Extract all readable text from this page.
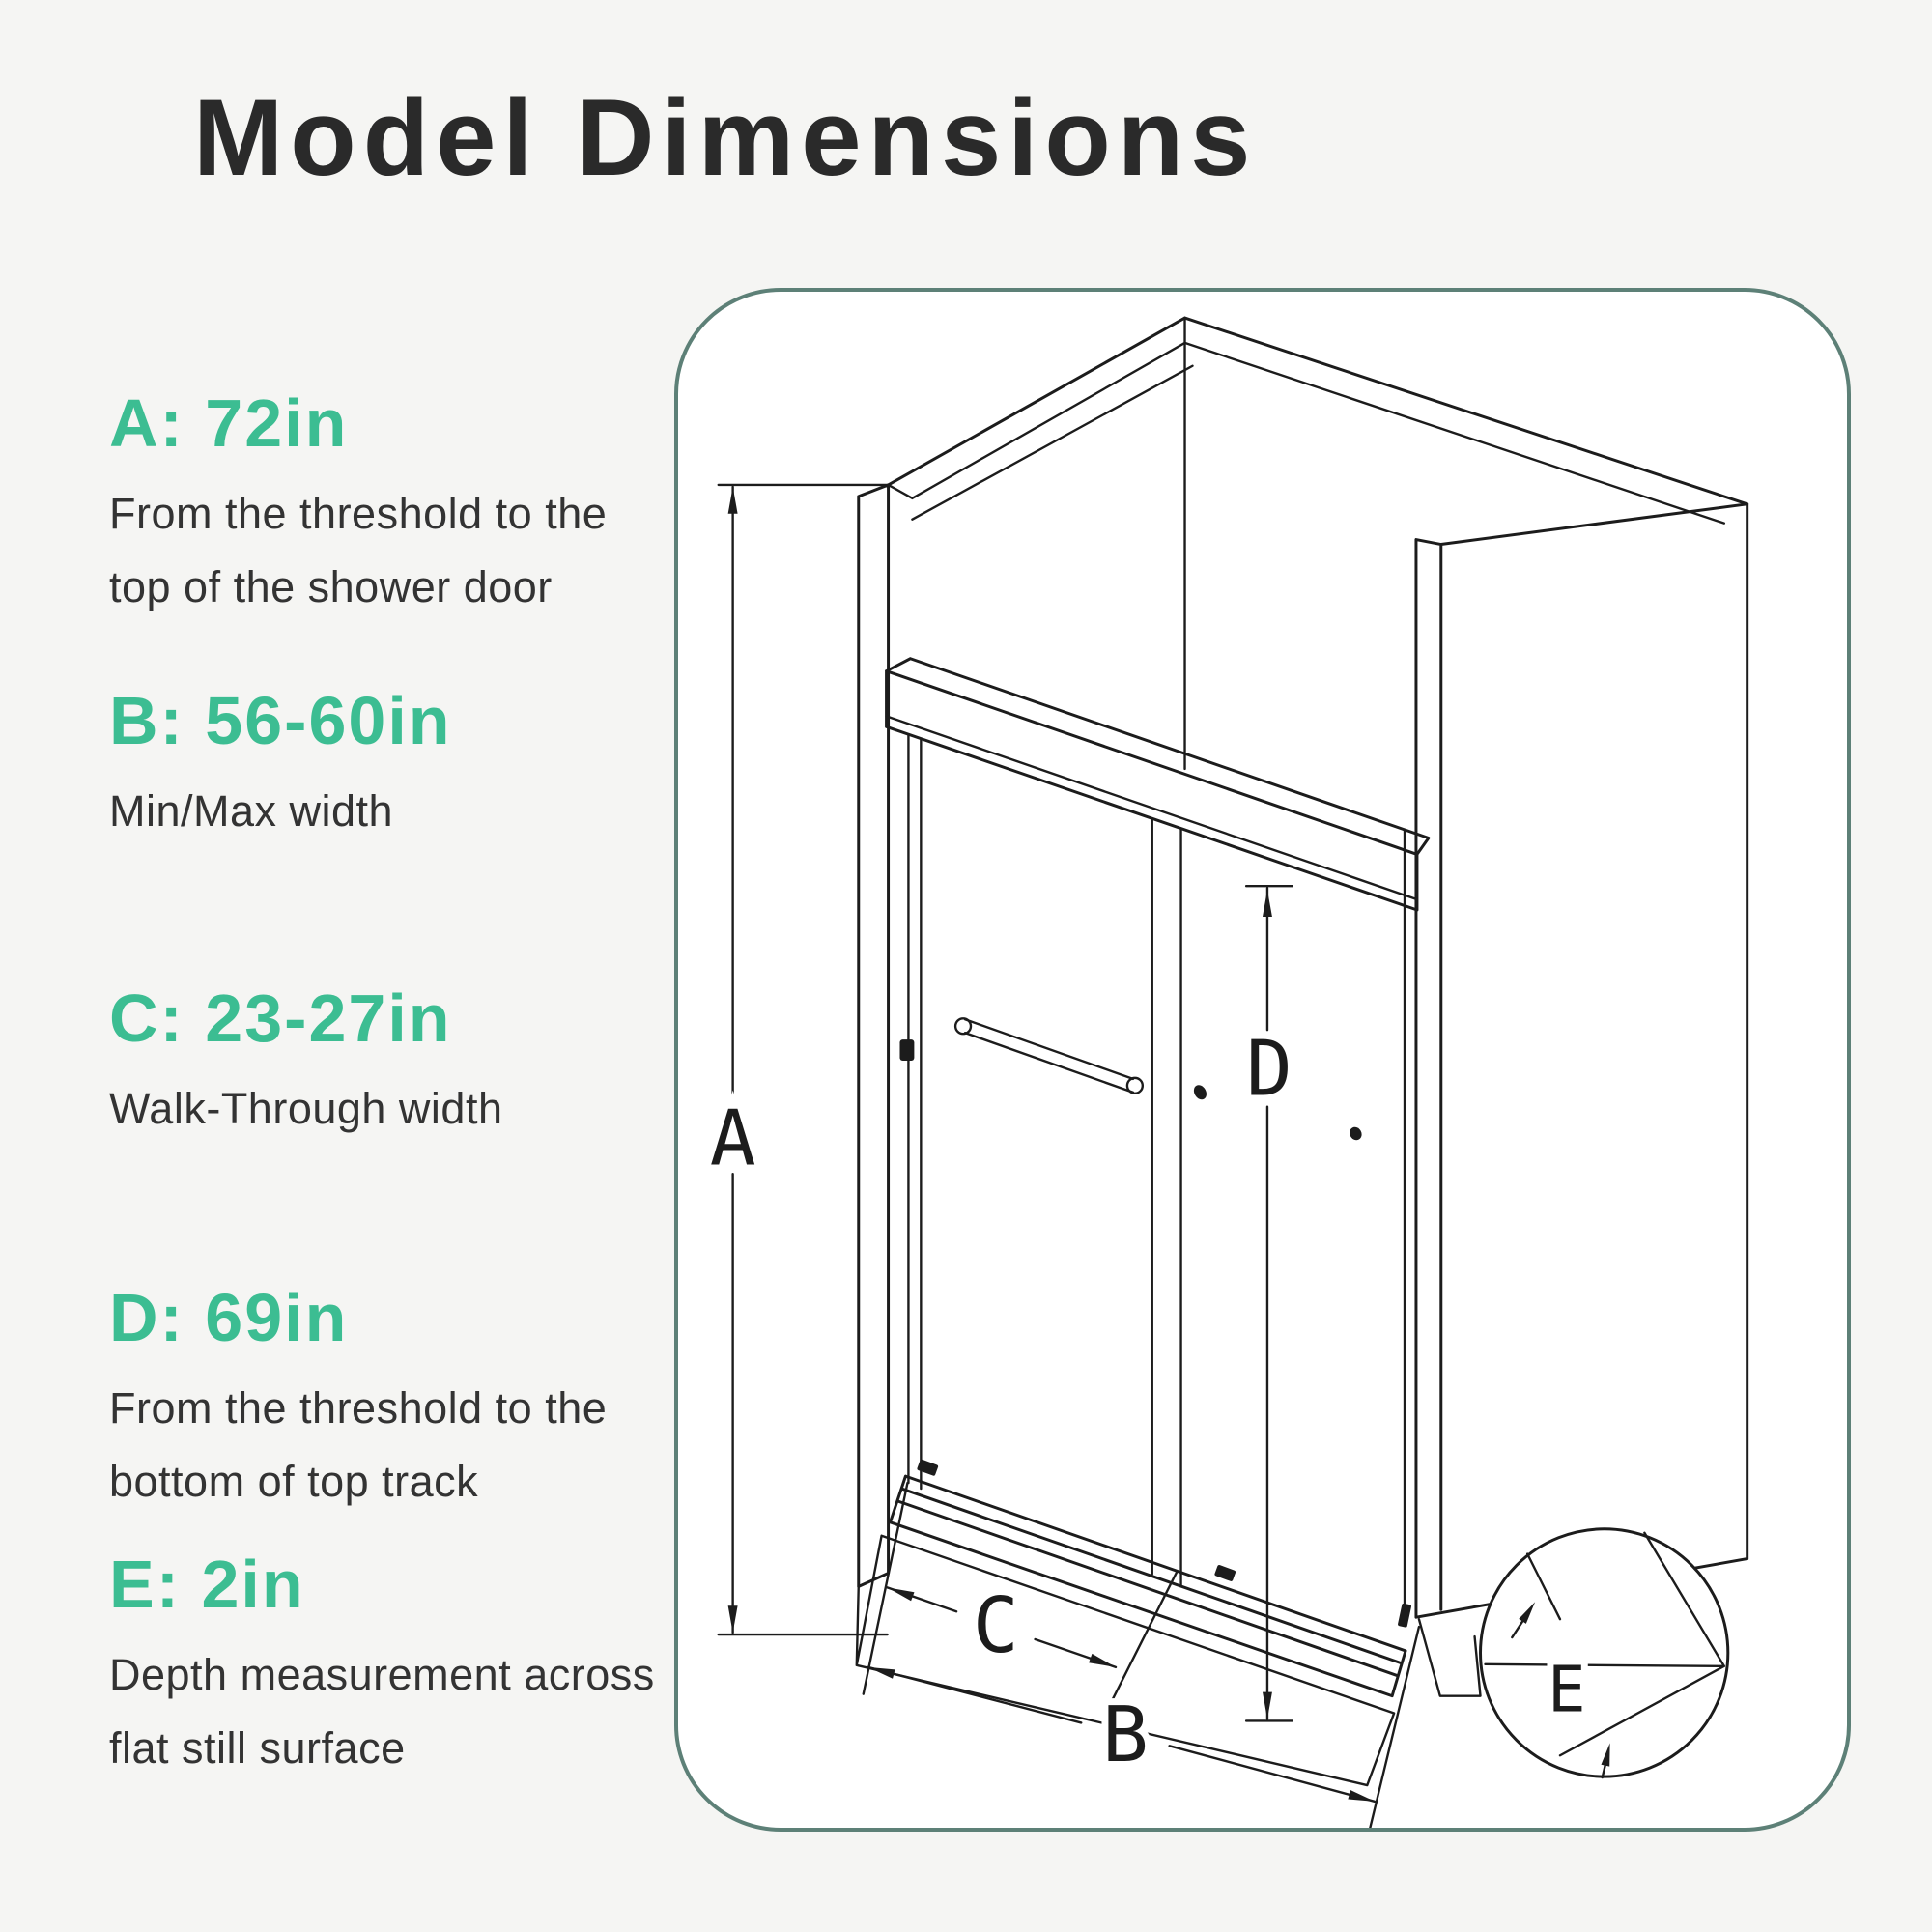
Model Dimensions

A: 72in

From the threshold to the top of the shower door

B: 56-60in

Min/Max width

C: 23-27in

Walk-Through width

D: 69in

From the threshold to the bottom of top track

E: 2in

Depth measurement across flat still surface

A
D
C
B	E
